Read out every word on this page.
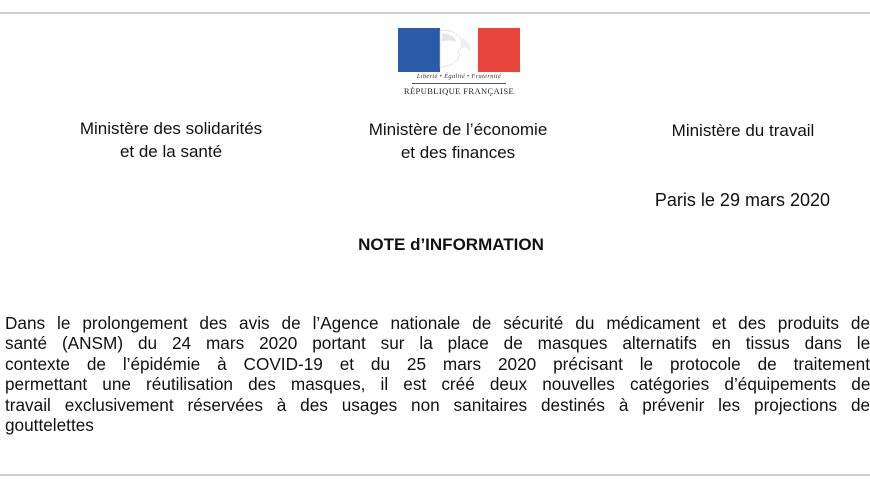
Liberté • Égalité • Fraternité
RÉPUBLIQUE FRANÇAISE
Ministère des solidarités
et de la santé
Ministère de l’économie
et des finances
Ministère du travail
Paris le 29 mars 2020
NOTE d’INFORMATION
Dans le prolongement des avis de l’Agence nationale de sécurité du médicament et des produits de
santé (ANSM) du 24 mars 2020 portant sur la place de masques alternatifs en tissus dans le
contexte de l’épidémie à COVID-19 et du 25 mars 2020 précisant le protocole de traitement
permettant une réutilisation des masques, il est créé deux nouvelles catégories d’équipements de
travail exclusivement réservées à des usages non sanitaires destinés à prévenir les projections de
gouttelettes
